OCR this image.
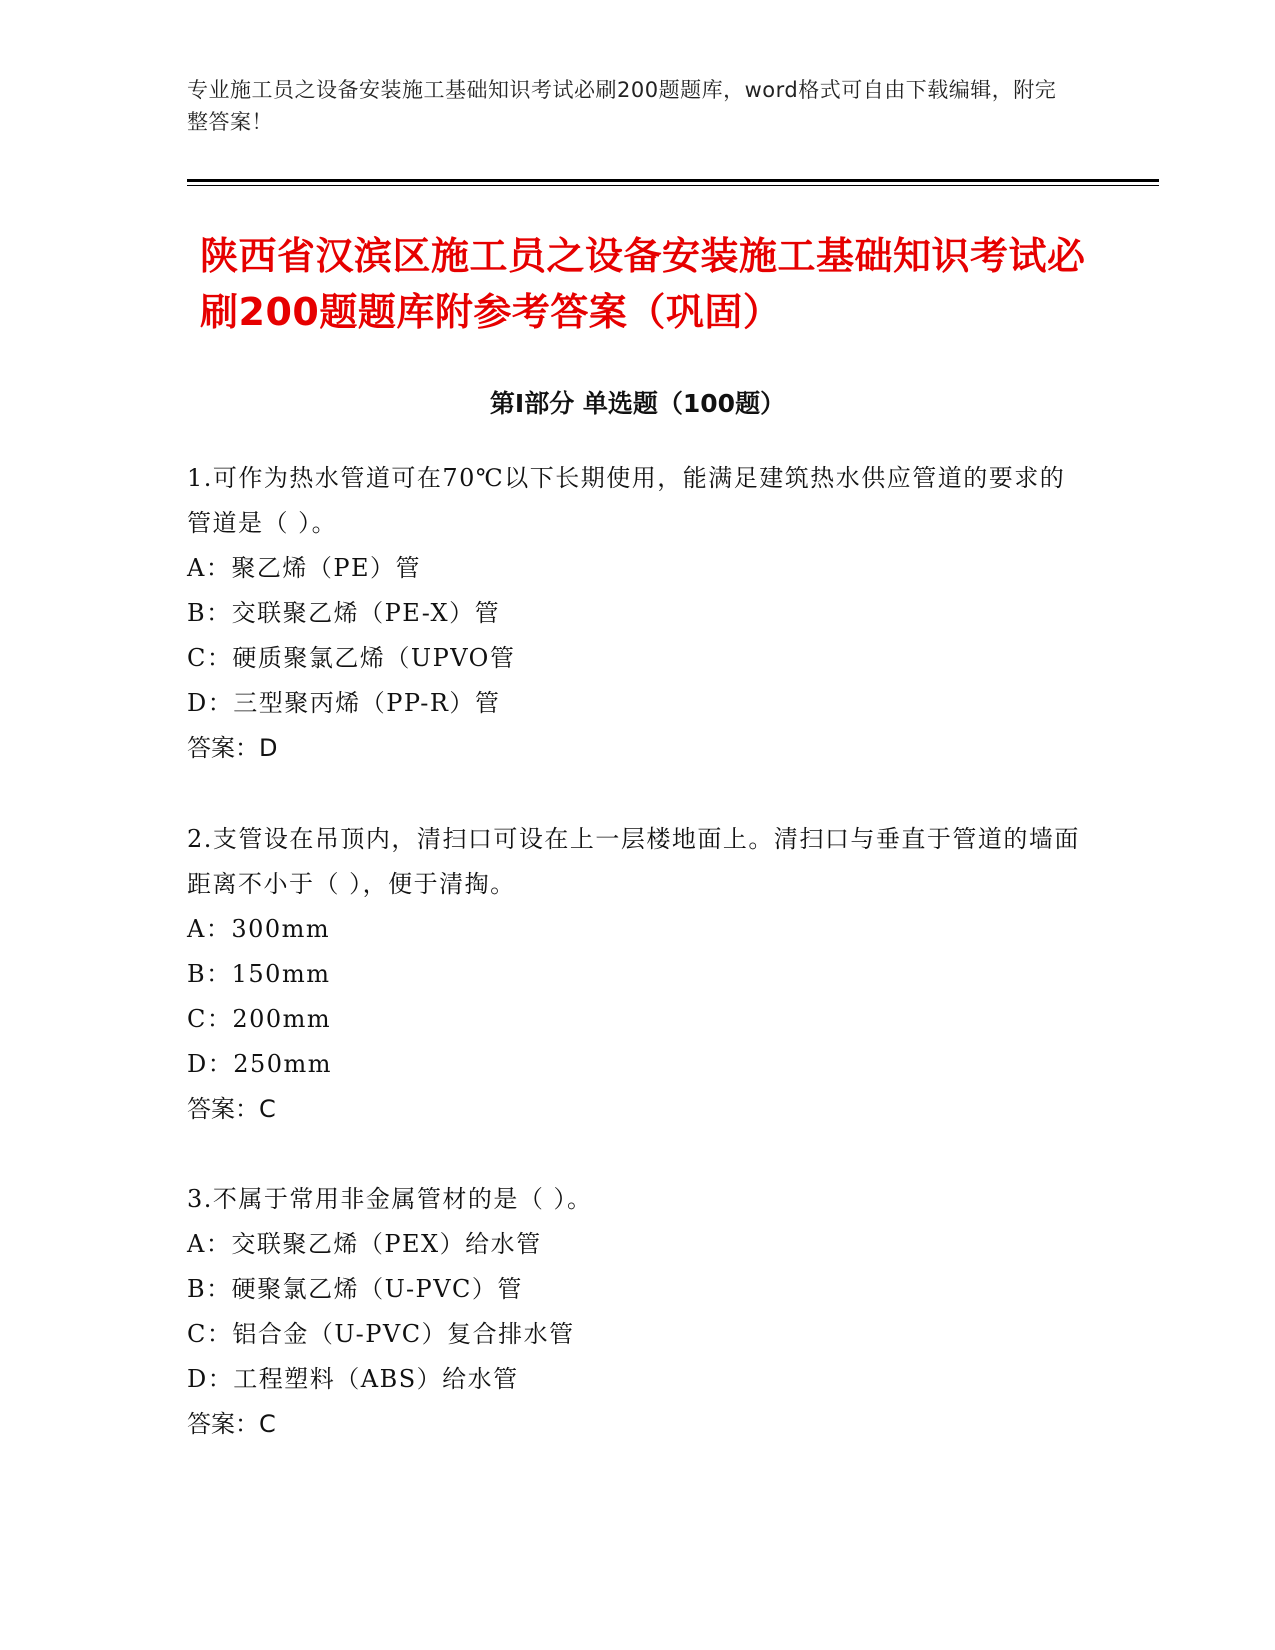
专业施工员之设备安装施工基础知识考试必刷200题题库，word格式可自由下载编辑，附完整答案！
陕西省汉滨区施工员之设备安装施工基础知识考试必刷200题题库附参考答案（巩固）
第Ⅰ部分 单选题（100题）

1.可作为热水管道可在70℃以下长期使用，能满足建筑热水供应管道的要求的管道是（ ）。

A：聚乙烯（PE）管

B：交联聚乙烯（PE-X）管

C：硬质聚氯乙烯（UPVO管

D：三型聚丙烯（PP-R）管

答案：D

2.支管设在吊顶内，清扫口可设在上一层楼地面上。清扫口与垂直于管道的墙面距离不小于（ ），便于清掏。

A：300mm

B：150mm

C：200mm

D：250mm

答案：C

3.不属于常用非金属管材的是（ ）。

A：交联聚乙烯（PEX）给水管

B：硬聚氯乙烯（U-PVC）管

C：铝合金（U-PVC）复合排水管

D：工程塑料（ABS）给水管

答案：C
